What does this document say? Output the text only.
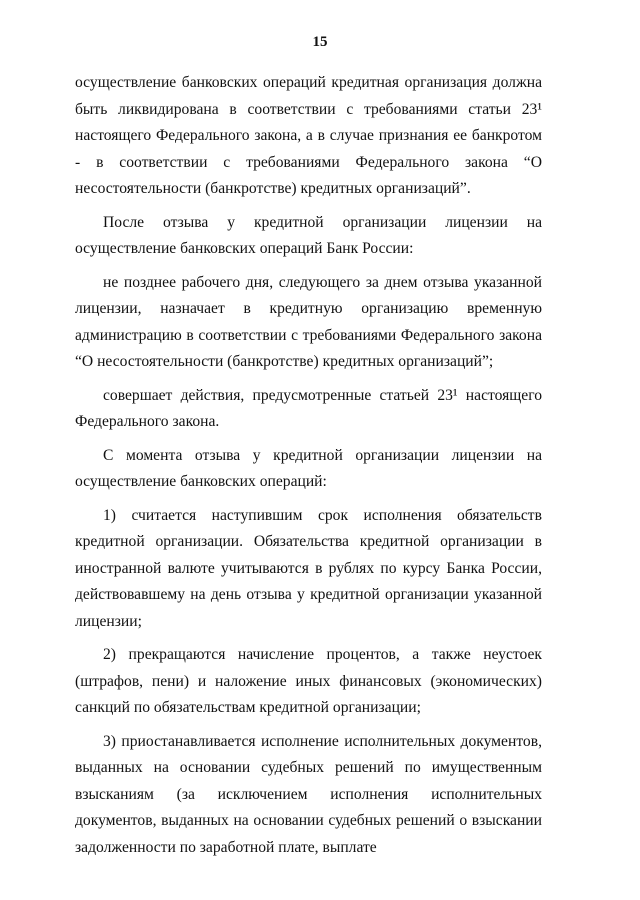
15

осуществление банковских операций кредитная организация должна быть ликвидирована в соответствии с требованиями статьи 23¹ настоящего Федерального закона, а в случае признания ее банкротом - в соответствии с требованиями Федерального закона “О несостоятельности (банкротстве) кредитных организаций”.

После отзыва у кредитной организации лицензии на осуществление банковских операций Банк России:

не позднее рабочего дня, следующего за днем отзыва указанной лицензии, назначает в кредитную организацию временную администрацию в соответствии с требованиями Федерального закона “О несостоятельности (банкротстве) кредитных организаций”;

совершает действия, предусмотренные статьей 23¹ настоящего Федерального закона.

С момента отзыва у кредитной организации лицензии на осуществление банковских операций:

1) считается наступившим срок исполнения обязательств кредитной организации. Обязательства кредитной организации в иностранной валюте учитываются в рублях по курсу Банка России, действовавшему на день отзыва у кредитной организации указанной лицензии;

2) прекращаются начисление процентов, а также неустоек (штрафов, пени) и наложение иных финансовых (экономических) санкций по обязательствам кредитной организации;

3) приостанавливается исполнение исполнительных документов, выданных на основании судебных решений по имущественным взысканиям (за исключением исполнения исполнительных документов, выданных на основании судебных решений о взыскании задолженности по заработной плате, выплате
